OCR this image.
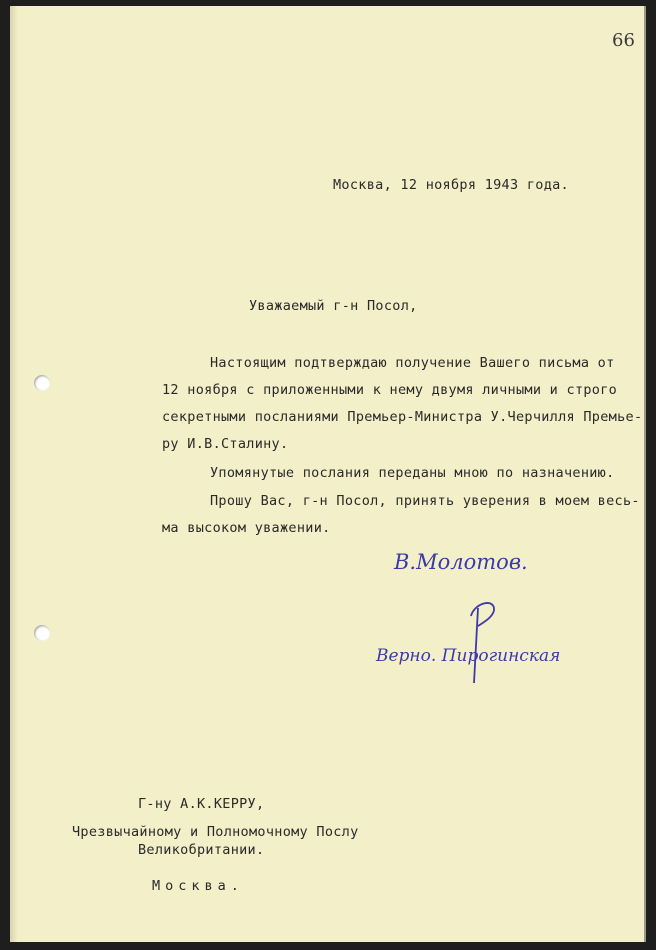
66
Москва, 12 ноября 1943 года.
Уважаемый г-н Посол,
Настоящим подтверждаю получение Вашего письма от
12 ноября с приложенными к нему двумя личными и строго
секретными посланиями Премьер-Министра У.Черчилля Премье-
ру И.В.Сталину.
Упомянутые послания переданы мною по назначению.
Прошу Вас, г-н Посол, принять уверения в моем весь-
ма высоком уважении.
В.Молотов.
Верно. Пирогинская
Г-ну А.К.КЕРРУ,
Чрезвычайному и Полномочному Послу
Великобритании.
Москва.
